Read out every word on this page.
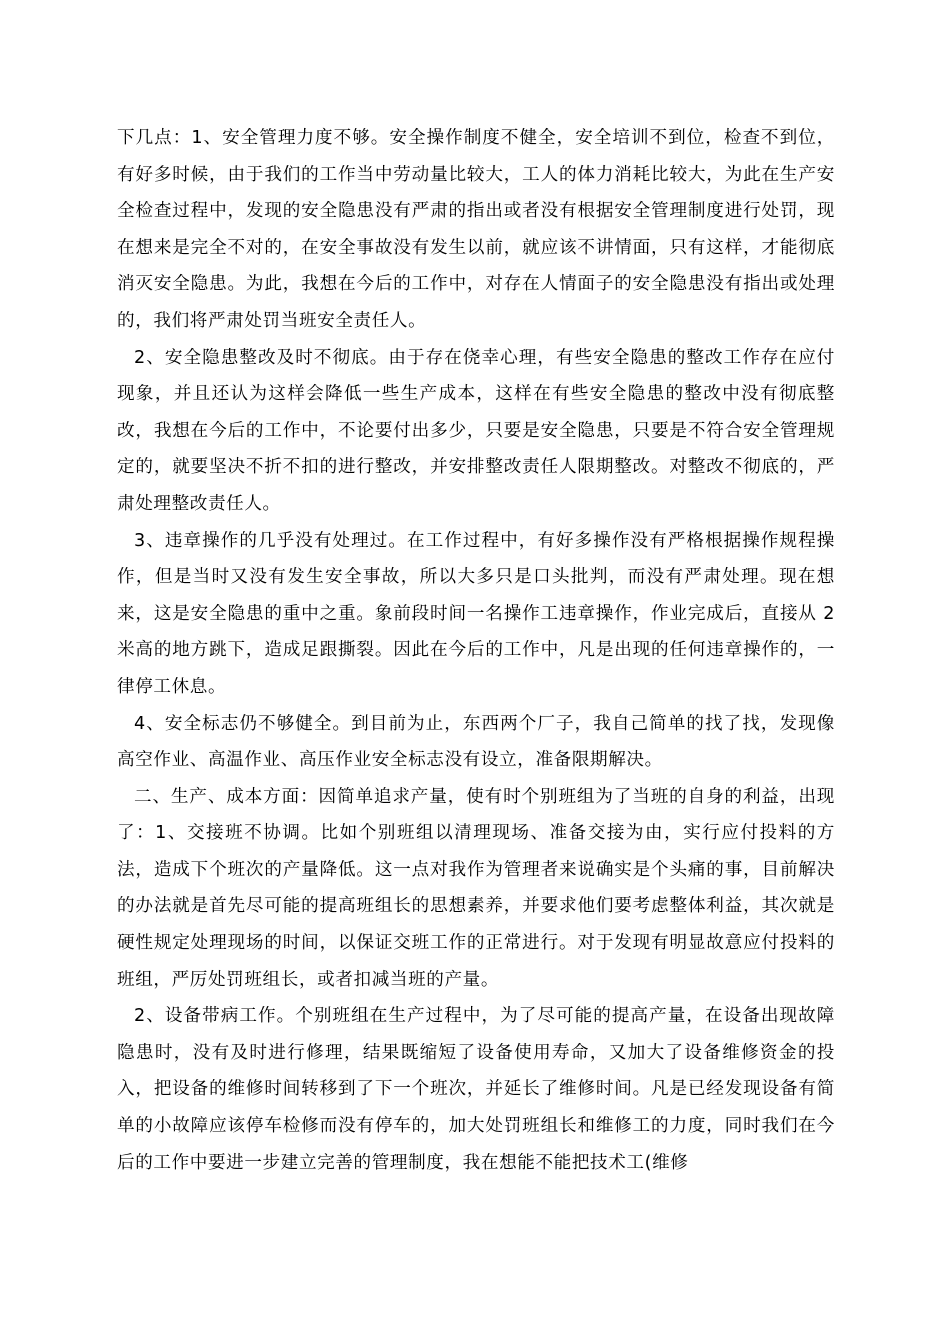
下几点：1、安全管理力度不够。安全操作制度不健全，安全培训不到位，检查不到位，有好多时候，由于我们的工作当中劳动量比较大，工人的体力消耗比较大，为此在生产安全检查过程中，发现的安全隐患没有严肃的指出或者没有根据安全管理制度进行处罚，现在想来是完全不对的，在安全事故没有发生以前，就应该不讲情面，只有这样，才能彻底消灭安全隐患。为此，我想在今后的工作中，对存在人情面子的安全隐患没有指出或处理的，我们将严肃处罚当班安全责任人。

2、安全隐患整改及时不彻底。由于存在侥幸心理，有些安全隐患的整改工作存在应付现象，并且还认为这样会降低一些生产成本，这样在有些安全隐患的整改中没有彻底整改，我想在今后的工作中，不论要付出多少，只要是安全隐患，只要是不符合安全管理规定的，就要坚决不折不扣的进行整改，并安排整改责任人限期整改。对整改不彻底的，严肃处理整改责任人。

3、违章操作的几乎没有处理过。在工作过程中，有好多操作没有严格根据操作规程操作，但是当时又没有发生安全事故，所以大多只是口头批判，而没有严肃处理。现在想来，这是安全隐患的重中之重。象前段时间一名操作工违章操作，作业完成后，直接从 2 米高的地方跳下，造成足跟撕裂。因此在今后的工作中，凡是出现的任何违章操作的，一律停工休息。

4、安全标志仍不够健全。到目前为止，东西两个厂子，我自己简单的找了找，发现像高空作业、高温作业、高压作业安全标志没有设立，准备限期解决。

二、生产、成本方面：因简单追求产量，使有时个别班组为了当班的自身的利益，出现了：1、交接班不协调。比如个别班组以清理现场、准备交接为由，实行应付投料的方法，造成下个班次的产量降低。这一点对我作为管理者来说确实是个头痛的事，目前解决的办法就是首先尽可能的提高班组长的思想素养，并要求他们要考虑整体利益，其次就是硬性规定处理现场的时间，以保证交班工作的正常进行。对于发现有明显故意应付投料的班组，严厉处罚班组长，或者扣减当班的产量。

2、设备带病工作。个别班组在生产过程中，为了尽可能的提高产量，在设备出现故障隐患时，没有及时进行修理，结果既缩短了设备使用寿命，又加大了设备维修资金的投入，把设备的维修时间转移到了下一个班次，并延长了维修时间。凡是已经发现设备有简单的小故障应该停车检修而没有停车的，加大处罚班组长和维修工的力度，同时我们在今后的工作中要进一步建立完善的管理制度，我在想能不能把技术工(维修
